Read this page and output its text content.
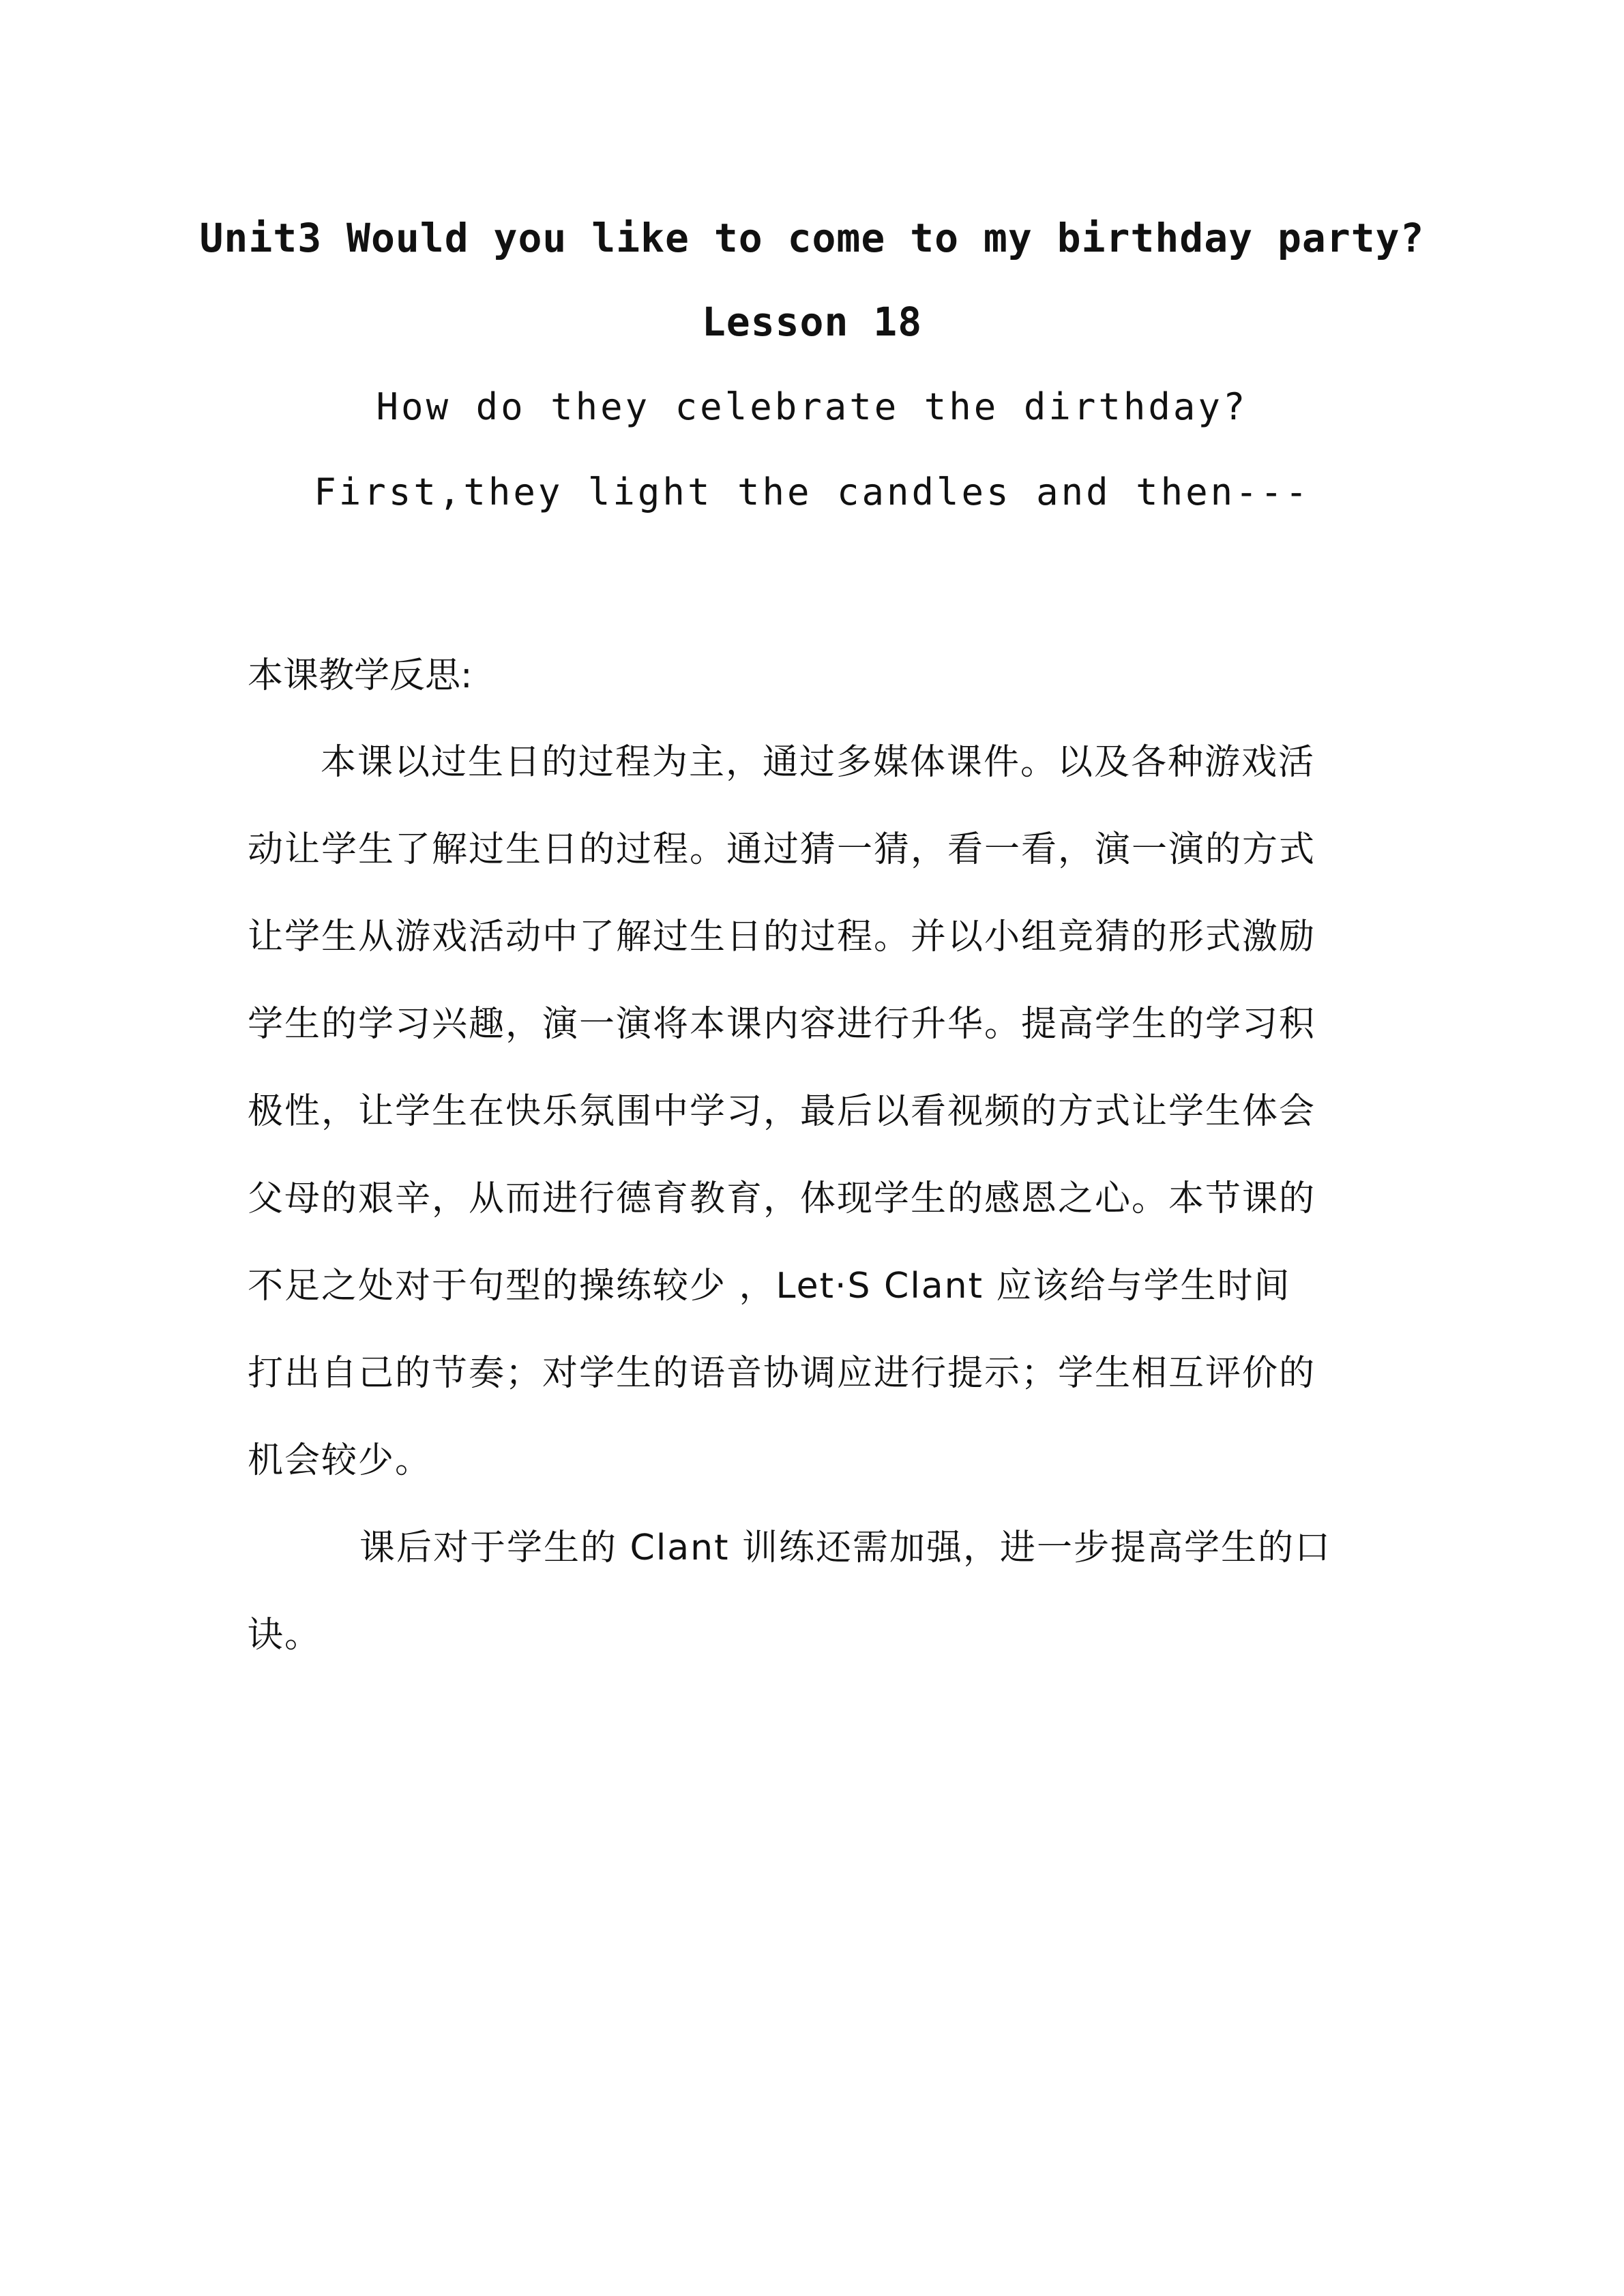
Unit3 Would you like to come to my birthday party?
Lesson 18
How do they celebrate the dirthday?
First,they light the candles and then---
本课教学反思:
本课以过生日的过程为主，通过多媒体课件。以及各种游戏活
动让学生了解过生日的过程。通过猜一猜，看一看，演一演的方式
让学生从游戏活动中了解过生日的过程。并以小组竞猜的形式激励
学生的学习兴趣，演一演将本课内容进行升华。提高学生的学习积
极性，让学生在快乐氛围中学习，最后以看视频的方式让学生体会
父母的艰辛，从而进行德育教育，体现学生的感恩之心。本节课的
不足之处对于句型的操练较少 ，Let·S Clant 应该给与学生时间
打出自己的节奏；对学生的语音协调应进行提示；学生相互评价的
机会较少。
课后对于学生的 Clant 训练还需加强，进一步提高学生的口
诀。
